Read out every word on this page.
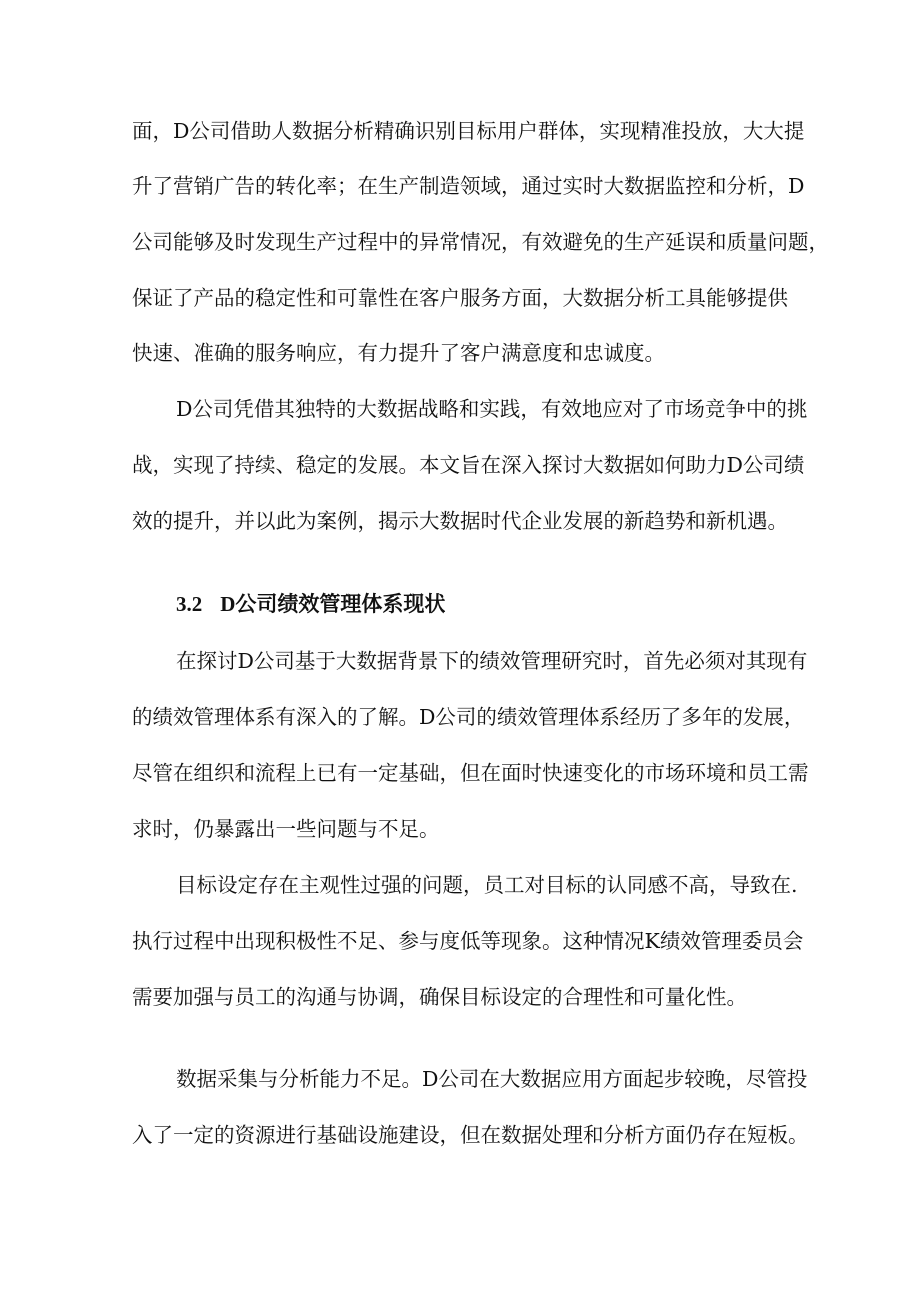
面，D公司借助人数据分析精确识别目标用户群体，实现精准投放，大大提
升了营销广告的转化率；在生产制造领域，通过实时大数据监控和分析，D
公司能够及时发现生产过程中的异常情况，有效避免的生产延误和质量问题，
保证了产品的稳定性和可靠性在客户服务方面，大数据分析工具能够提供
快速、准确的服务响应，有力提升了客户满意度和忠诚度。
D公司凭借其独特的大数据战略和实践，有效地应对了市场竞争中的挑
战，实现了持续、稳定的发展。本文旨在深入探讨大数据如何助力D公司绩
效的提升，并以此为案例，揭示大数据时代企业发展的新趋势和新机遇。
3.2 D公司绩效管理体系现状
在探讨D公司基于大数据背景下的绩效管理研究时，首先必须对其现有
的绩效管理体系有深入的了解。D公司的绩效管理体系经历了多年的发展，
尽管在组织和流程上已有一定基础，但在面时快速变化的市场环境和员工需
求时，仍暴露出一些问题与不足。
目标设定存在主观性过强的问题，员工对目标的认同感不高，导致在.
执行过程中出现积极性不足、参与度低等现象。这种情况K绩效管理委员会
需要加强与员工的沟通与协调，确保目标设定的合理性和可量化性。
数据采集与分析能力不足。D公司在大数据应用方面起步较晚，尽管投
入了一定的资源进行基础设施建设，但在数据处理和分析方面仍存在短板。
